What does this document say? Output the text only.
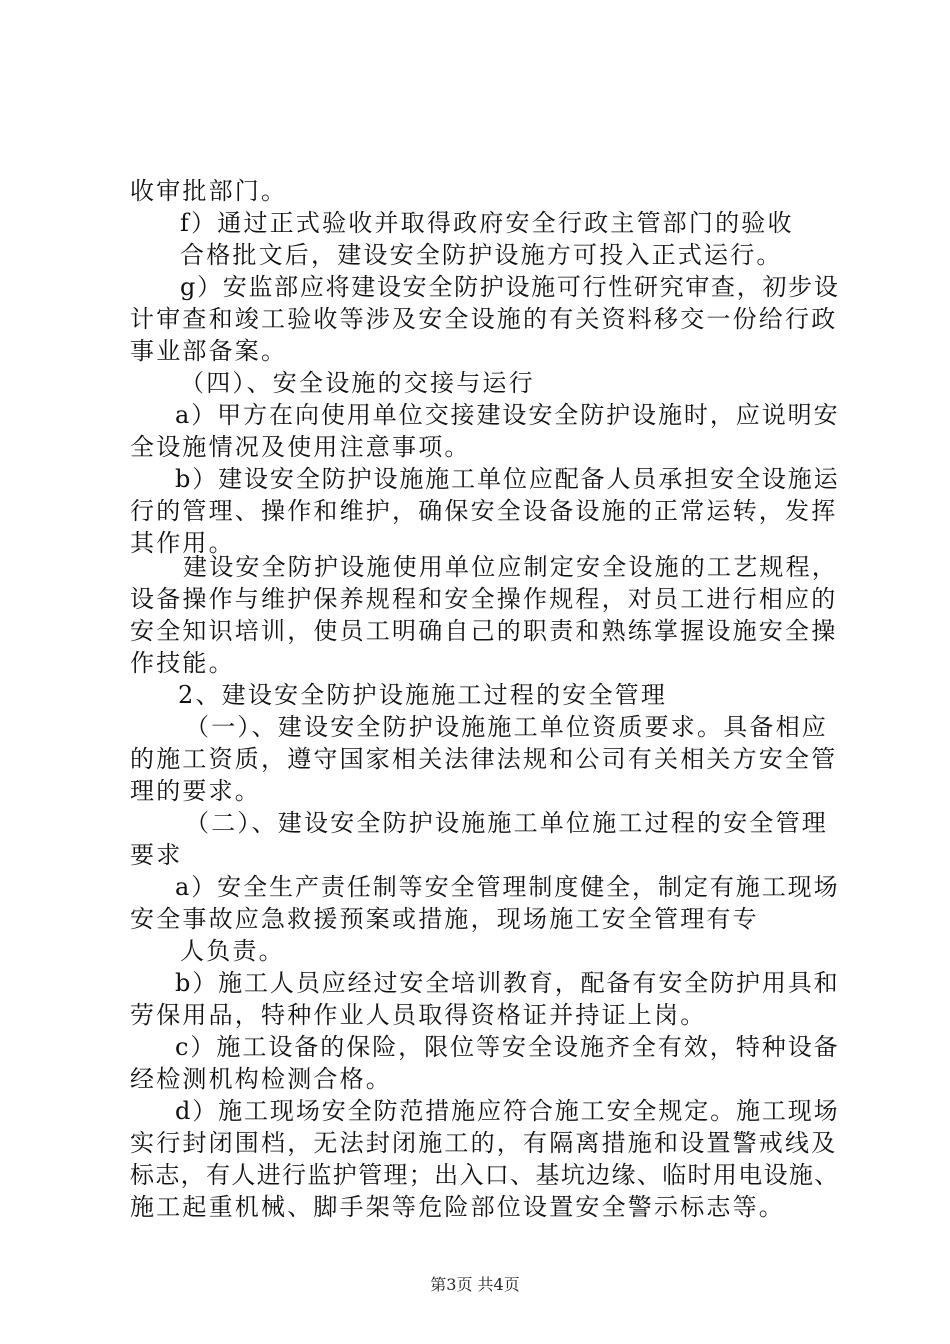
收审批部门。
f）通过正式验收并取得政府安全行政主管部门的验收
合格批文后，建设安全防护设施方可投入正式运行。
g）安监部应将建设安全防护设施可行性研究审查，初步设
计审查和竣工验收等涉及安全设施的有关资料移交一份给行政
事业部备案。
（四）、安全设施的交接与运行
a）甲方在向使用单位交接建设安全防护设施时，应说明安
全设施情况及使用注意事项。
b）建设安全防护设施施工单位应配备人员承担安全设施运
行的管理、操作和维护，确保安全设备设施的正常运转，发挥
其作用。
建设安全防护设施使用单位应制定安全设施的工艺规程，
设备操作与维护保养规程和安全操作规程，对员工进行相应的
安全知识培训，使员工明确自己的职责和熟练掌握设施安全操
作技能。
2、建设安全防护设施施工过程的安全管理
（一）、建设安全防护设施施工单位资质要求。具备相应
的施工资质，遵守国家相关法律法规和公司有关相关方安全管
理的要求。
（二）、建设安全防护设施施工单位施工过程的安全管理
要求
a）安全生产责任制等安全管理制度健全，制定有施工现场
安全事故应急救援预案或措施，现场施工安全管理有专
人负责。
b）施工人员应经过安全培训教育，配备有安全防护用具和
劳保用品，特种作业人员取得资格证并持证上岗。
c）施工设备的保险，限位等安全设施齐全有效，特种设备
经检测机构检测合格。
d）施工现场安全防范措施应符合施工安全规定。施工现场
实行封闭围档，无法封闭施工的，有隔离措施和设置警戒线及
标志，有人进行监护管理；出入口、基坑边缘、临时用电设施、
施工起重机械、脚手架等危险部位设置安全警示标志等。
第3页 共4页
